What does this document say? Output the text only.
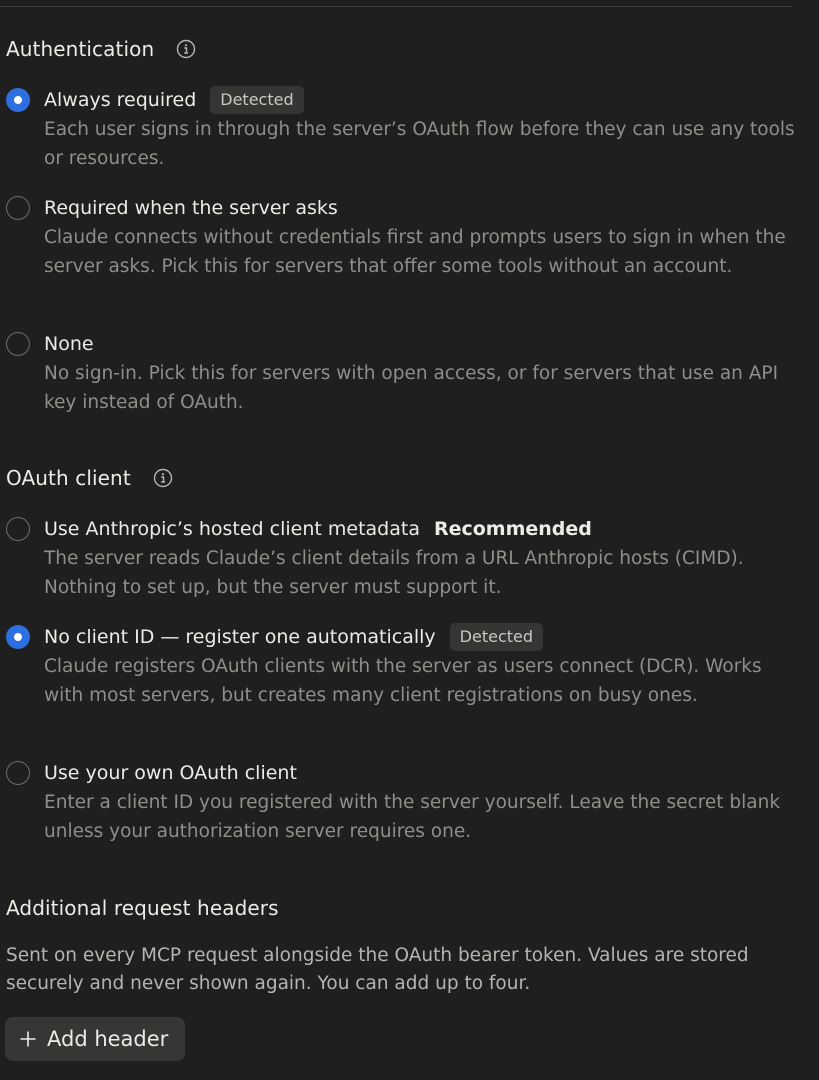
Authentication
Always required	Detected

Each user signs in through the server’s OAuth flow before they can use any tools or resources.

Required when the server asks

Claude connects without credentials first and prompts users to sign in when the server asks. Pick this for servers that offer some tools without an account.

None

No sign-in. Pick this for servers with open access, or for servers that use an API key instead of OAuth.

OAuth client
Use Anthropic’s hosted client metadata Recommended

The server reads Claude’s client details from a URL Anthropic hosts (CIMD). Nothing to set up, but the server must support it.

No client ID — register one automatically	Detected

Claude registers OAuth clients with the server as users connect (DCR). Works with most servers, but creates many client registrations on busy ones.

Use your own OAuth client

Enter a client ID you registered with the server yourself. Leave the secret blank unless your authorization server requires one.

Additional request headers

Sent on every MCP request alongside the OAuth bearer token. Values are stored securely and never shown again. You can add up to four.

Add header
